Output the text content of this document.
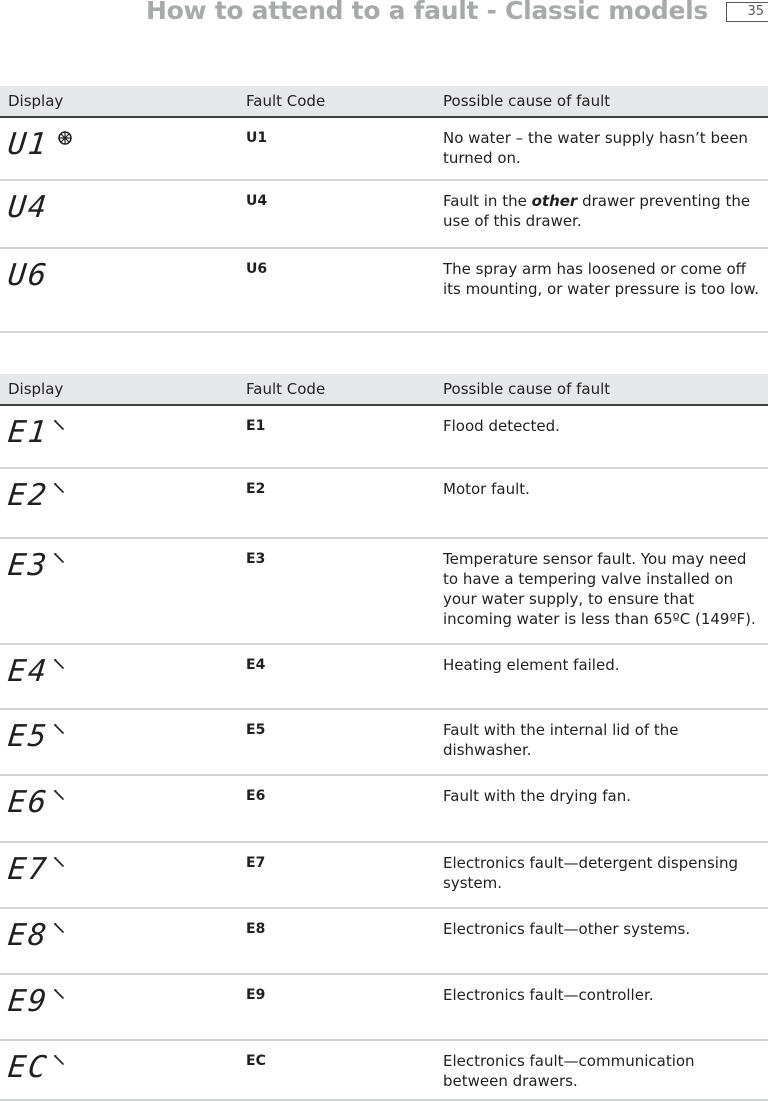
How to attend to a fault - Classic models	35
Display	Fault Code	Possible cause of fault
U1	U1	No water – the water supply hasn’t been turned on.
U4	U4	Fault in the other drawer preventing the use of this drawer.
U6	U6	The spray arm has loosened or come off its mounting, or water pressure is too low.
Display	Fault Code	Possible cause of fault
E1	E1	Flood detected.
E2	E2	Motor fault.
E3	E3	Temperature sensor fault. You may need to have a tempering valve installed on your water supply, to ensure that incoming water is less than 65ºC (149ºF).
E4	E4	Heating element failed.
E5	E5	Fault with the internal lid of the dishwasher.
E6	E6	Fault with the drying fan.
E7	E7	Electronics fault—detergent dispensing system.
E8	E8	Electronics fault—other systems.
E9	E9	Electronics fault—controller.
EC	EC	Electronics fault—communication between drawers.
